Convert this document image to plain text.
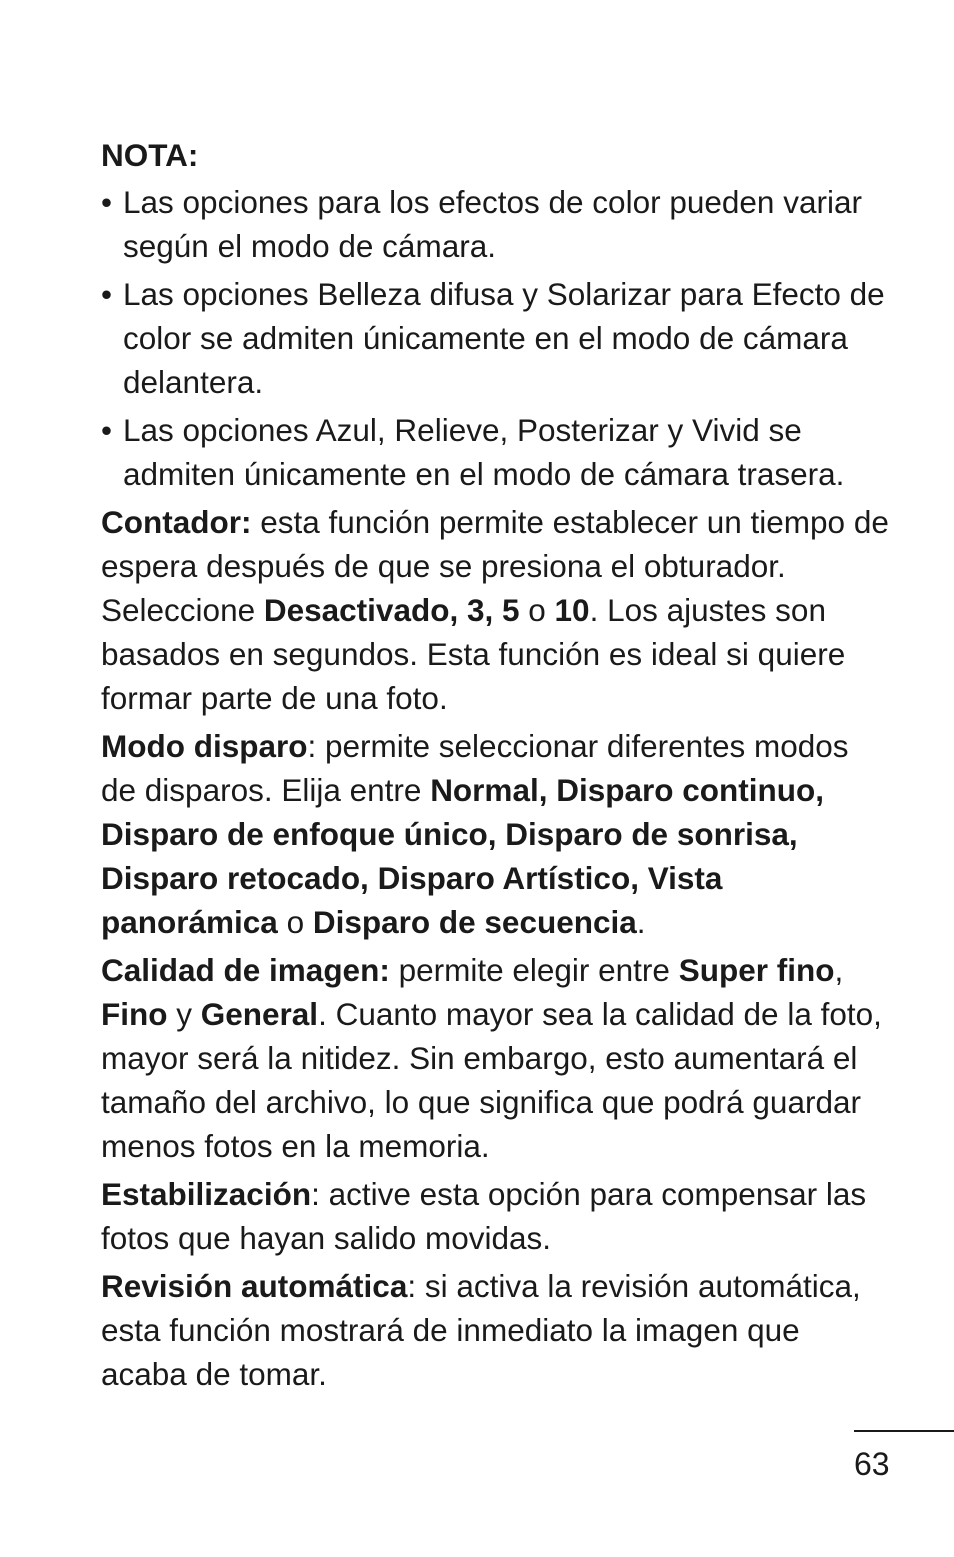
NOTA:
• Las opciones para los efectos de color pueden variar según el modo de cámara.
• Las opciones Belleza difusa y Solarizar para Efecto de color se admiten únicamente en el modo de cámara delantera.
• Las opciones Azul, Relieve, Posterizar y Vivid se admiten únicamente en el modo de cámara trasera.

Contador: esta función permite establecer un tiempo de espera después de que se presiona el obturador. Seleccione Desactivado, 3, 5 o 10. Los ajustes son basados en segundos. Esta función es ideal si quiere formar parte de una foto.

Modo disparo: permite seleccionar diferentes modos de disparos. Elija entre Normal, Disparo continuo, Disparo de enfoque único, Disparo de sonrisa, Disparo retocado, Disparo Artístico, Vista panorámica o Disparo de secuencia.

Calidad de imagen: permite elegir entre Super fino, Fino y General. Cuanto mayor sea la calidad de la foto, mayor será la nitidez. Sin embargo, esto aumentará el tamaño del archivo, lo que significa que podrá guardar menos fotos en la memoria.

Estabilización: active esta opción para compensar las fotos que hayan salido movidas.

Revisión automática: si activa la revisión automática, esta función mostrará de inmediato la imagen que acaba de tomar.

63
